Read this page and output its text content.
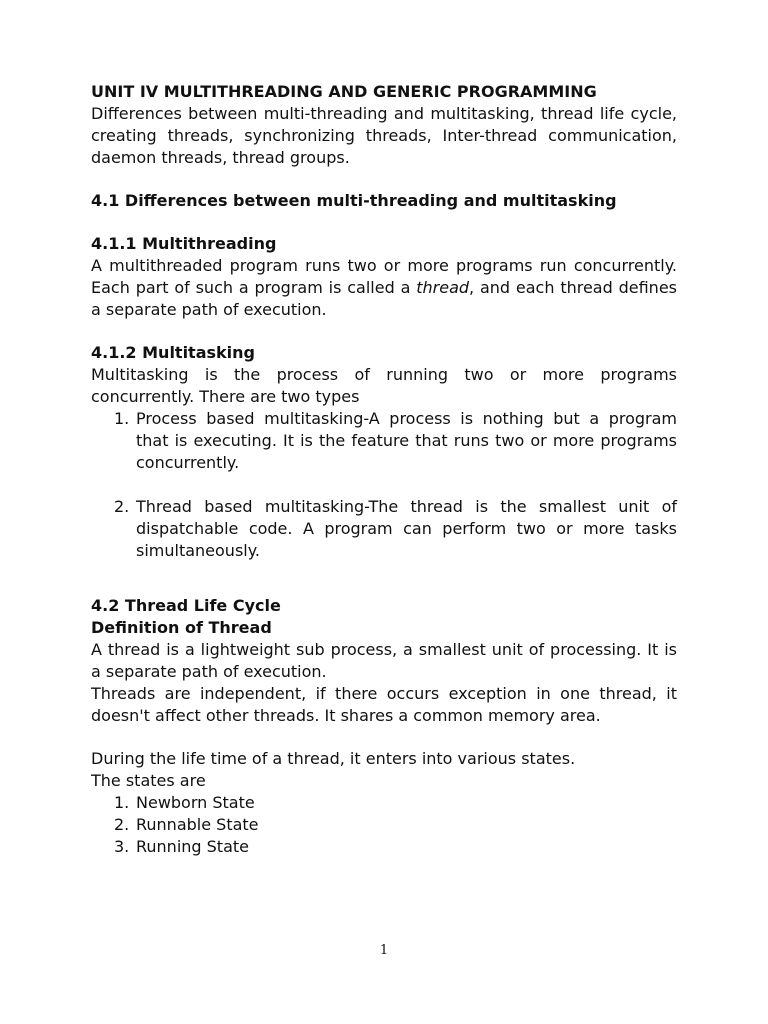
UNIT IV MULTITHREADING AND GENERIC PROGRAMMING

Differences between multi-threading and multitasking, thread life cycle, creating threads, synchronizing threads, Inter-thread communication, daemon threads, thread groups.

4.1 Differences between multi-threading and multitasking
4.1.1 Multithreading

A multithreaded program runs two or more programs run concurrently. Each part of such a program is called a thread, and each thread defines a separate path of execution.

4.1.2 Multitasking

Multitasking is the process of running two or more programs concurrently. There are two types

1. Process based multitasking-A process is nothing but a program that is executing. It is the feature that runs two or more programs concurrently.
2. Thread based multitasking-The thread is the smallest unit of dispatchable code. A program can perform two or more tasks simultaneously.
4.2 Thread Life Cycle
Definition of Thread

A thread is a lightweight sub process, a smallest unit of processing. It is a separate path of execution.

Threads are independent, if there occurs exception in one thread, it doesn't affect other threads. It shares a common memory area.

During the life time of a thread, it enters into various states.

The states are

1. Newborn State
2. Runnable State
3. Running State
1
